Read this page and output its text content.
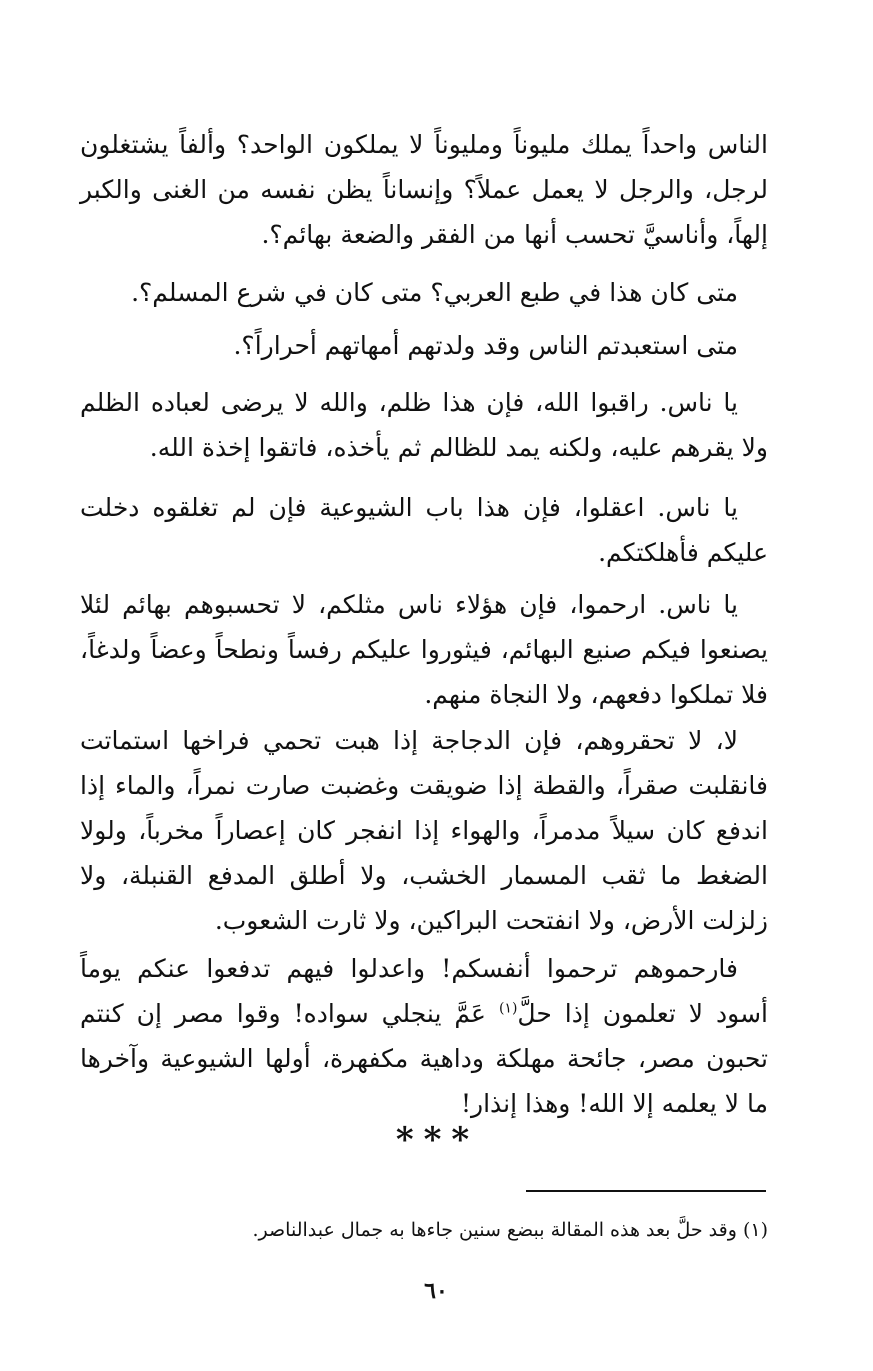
الناس واحداً يملك مليوناً ومليوناً لا يملكون الواحد؟ وألفاً يشتغلون لرجل، والرجل لا يعمل عملاً؟ وإنساناً يظن نفسه من الغنى والكبر إلهاً، وأناسيَّ تحسب أنها من الفقر والضعة بهائم؟.

متى كان هذا في طبع العربي؟ متى كان في شرع المسلم؟.

متى استعبدتم الناس وقد ولدتهم أمهاتهم أحراراً؟.

يا ناس. راقبوا الله، فإن هذا ظلم، والله لا يرضى لعباده الظلم ولا يقرهم عليه، ولكنه يمد للظالم ثم يأخذه، فاتقوا إخذة الله.

يا ناس. اعقلوا، فإن هذا باب الشيوعية فإن لم تغلقوه دخلت عليكم فأهلكتكم.

يا ناس. ارحموا، فإن هؤلاء ناس مثلكم، لا تحسبوهم بهائم لئلا يصنعوا فيكم صنيع البهائم، فيثوروا عليكم رفساً ونطحاً وعضاً ولدغاً، فلا تملكوا دفعهم، ولا النجاة منهم.

لا، لا تحقروهم، فإن الدجاجة إذا هبت تحمي فراخها استماتت فانقلبت صقراً، والقطة إذا ضويقت وغضبت صارت نمراً، والماء إذا اندفع كان سيلاً مدمراً، والهواء إذا انفجر كان إعصاراً مخرباً، ولولا الضغط ما ثقب المسمار الخشب، ولا أطلق المدفع القنبلة، ولا زلزلت الأرض، ولا انفتحت البراكين، ولا ثارت الشعوب.

فارحموهم ترحموا أنفسكم! واعدلوا فيهم تدفعوا عنكم يوماً أسود لا تعلمون إذا حلَّ$^{(١)}$ عَمَّ ينجلي سواده! وقوا مصر إن كنتم تحبون مصر، جائحة مهلكة وداهية مكفهرة، أولها الشيوعية وآخرها ما لا يعلمه إلا الله! وهذا إنذار!

***
(١) وقد حلَّ بعد هذه المقالة ببضع سنين جاءها به جمال عبدالناصر.
٦٠
